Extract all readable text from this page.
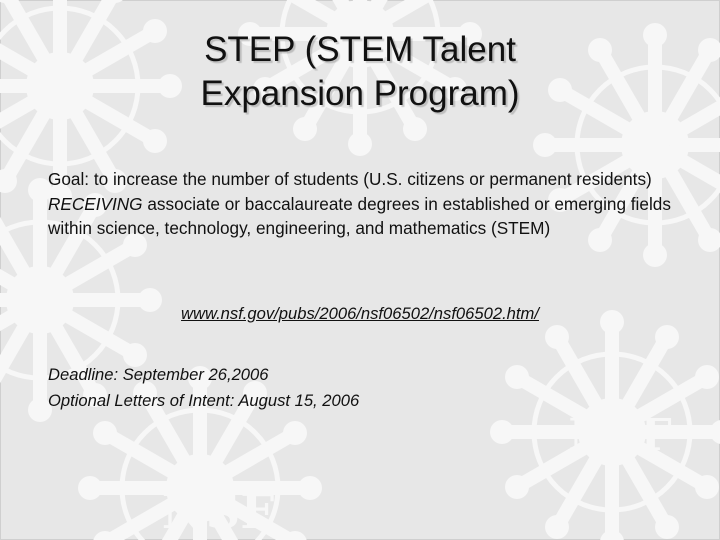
NSF
NSF
STEP (STEM Talent
Expansion Program)
Goal: to increase the number of students (U.S. citizens or permanent residents) RECEIVING associate or baccalaureate degrees in established or emerging fields within science, technology, engineering, and mathematics (STEM)
www.nsf.gov/pubs/2006/nsf06502/nsf06502.htm/
Deadline: September 26,2006
Optional Letters of Intent: August 15, 2006
